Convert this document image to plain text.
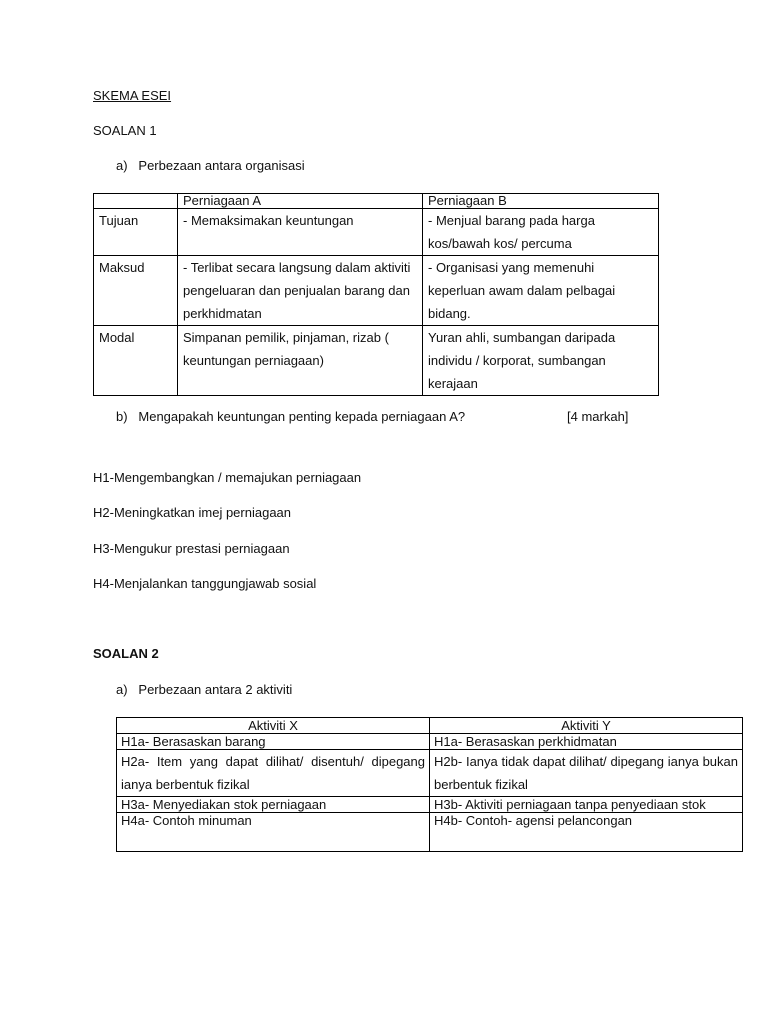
SKEMA ESEI
SOALAN 1
a)   Perbezaan antara organisasi
	Perniagaan A	Perniagaan B
Tujuan	- Memaksimakan keuntungan	- Menjual barang pada harga kos/bawah kos/ percuma
Maksud	- Terlibat secara langsung dalam aktiviti pengeluaran dan penjualan barang dan perkhidmatan	- Organisasi yang memenuhi keperluan awam dalam pelbagai bidang.
Modal	Simpanan pemilik, pinjaman, rizab ( keuntungan perniagaan)	Yuran ahli, sumbangan daripada individu / korporat, sumbangan kerajaan
b)   Mengapakah keuntungan penting kepada perniagaan A?	[4 markah]
H1-Mengembangkan / memajukan perniagaan
H2-Meningkatkan imej perniagaan
H3-Mengukur prestasi perniagaan
H4-Menjalankan tanggungjawab sosial
SOALAN 2
a)   Perbezaan antara 2 aktiviti
Aktiviti X	Aktiviti Y
H1a- Berasaskan barang	H1a- Berasaskan perkhidmatan
H2a- Item yang dapat dilihat/ disentuh/ dipegang ianya berbentuk fizikal	H2b- Ianya tidak dapat dilihat/ dipegang ianya bukan berbentuk fizikal
H3a- Menyediakan stok perniagaan	H3b- Aktiviti perniagaan tanpa penyediaan stok
H4a- Contoh minuman	H4b- Contoh- agensi pelancongan
